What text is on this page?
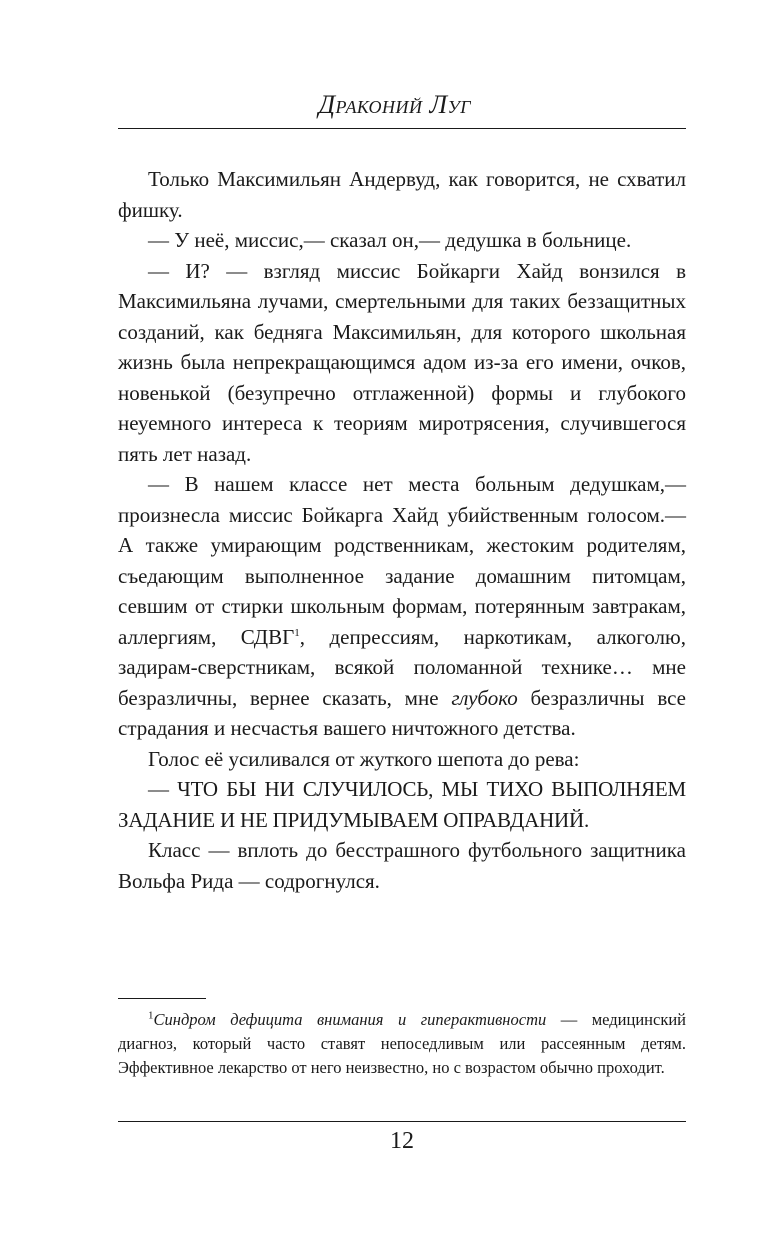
Драконий Луг

Только Максимильян Андервуд, как говорится, не схватил фишку.

— У неё, миссис,— сказал он,— дедушка в больнице.

— И? — взгляд миссис Бойкарги Хайд вонзился в Максимильяна лучами, смертельными для таких беззащитных созданий, как бедняга Максимильян, для которого школьная жизнь была непрекращающимся адом из-за его имени, очков, новенькой (безупречно отглаженной) формы и глубокого неуемного интереса к теориям миротрясения, случившегося пять лет назад.

— В нашем классе нет места больным дедушкам,— произнесла миссис Бойкарга Хайд убийственным голосом.— А также умирающим родственникам, жестоким родителям, съедающим выполненное задание домашним питомцам, севшим от стирки школьным формам, потерянным завтракам, аллергиям, СДВГ$^1$, депрессиям, наркотикам, алкоголю, задирам-сверстникам, всякой поломанной технике… мне безразличны, вернее сказать, мне глубоко безразличны все страдания и несчастья вашего ничтожного детства.

Голос её усиливался от жуткого шепота до рева:

— ЧТО БЫ НИ СЛУЧИЛОСЬ, МЫ ТИХО ВЫПОЛНЯЕМ ЗАДАНИЕ И НЕ ПРИДУМЫВАЕМ ОПРАВДАНИЙ.

Класс — вплоть до бесстрашного футбольного защитника Вольфа Рида — содрогнулся.

$^1$Синдром дефицита внимания и гиперактивности — медицинский диагноз, который часто ставят непоседливым или рассеянным детям. Эффективное лекарство от него неизвестно, но с возрастом обычно проходит.

12
